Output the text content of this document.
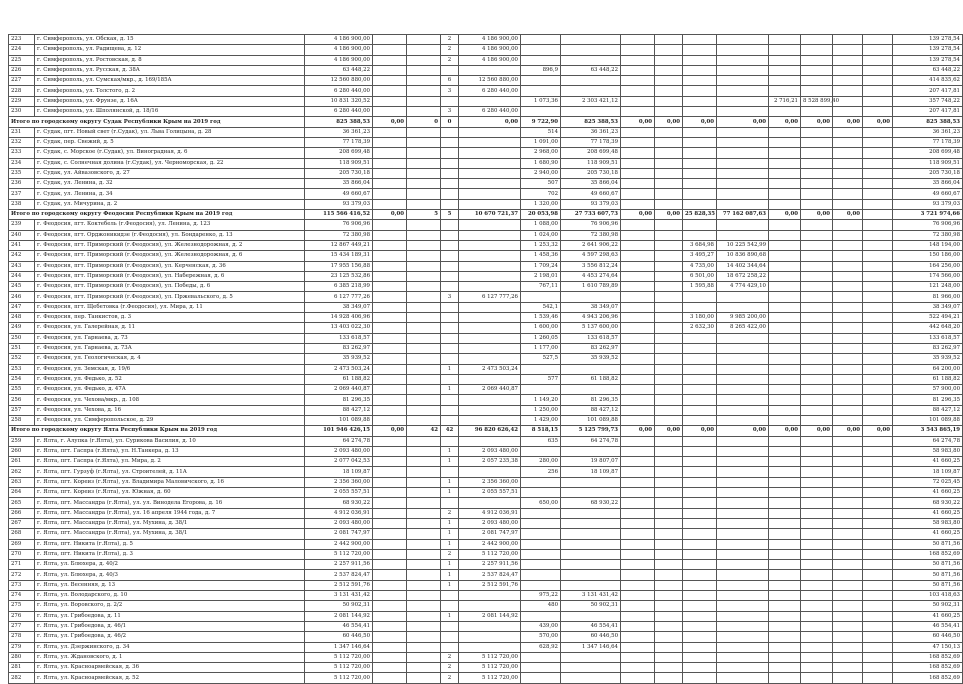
223	г. Симферополь, ул. Обская, д. 15	4 186 900,00			2	4 186 900,00											139 278,54
224	г. Симферополь, ул. Радищева, д. 12	4 186 900,00			2	4 186 900,00											139 278,54
225	г. Симферополь, ул. Ростовская, д. 8	4 186 900,00			2	4 186 900,00											139 278,54
226	г. Симферополь, ул. Русская, д. 38А	63 448,22					896,9	63 448,22									63 448,22
227	г. Симферополь, ул. Сумская/мкр., д. 169/185А	12 560 880,00			6	12 560 880,00											414 835,62
228	г. Симферополь, ул. Толстого, д. 2	6 280 440,00			3	6 280 440,00											207 417,81
229	г. Симферополь, ул. Фрунзе, д. 16А	10 831 320,52					1 073,36	2 303 421,12					2 716,21	8 528 899,40			357 748,22
230	г. Симферополь, ул. Шполянской, д. 18/16	6 280 440,00			3	6 280 440,00											207 417,81
Итого по городскому округу Судак Республики Крым на 2019 год		825 388,53	0,00	0	0	0,00	9 722,90	825 388,53	0,00	0,00	0,00	0,00	0,00	0,00	0,00	0,00	825 388,53
231	г. Судак, пгт. Новый свет (г.Судак), ул. Льва Голицына, д. 28	36 361,23					514	36 361,23									36 361,23
232	г. Судак, пер. Свежий, д. 5	77 178,39					1 091,00	77 178,39									77 178,39
233	г. Судак, с. Морское (г.Судак), ул. Виноградная, д. 6	208 699,48					2 968,00	208 699,48									208 699,48
234	г. Судак, с. Солнечная долина (г.Судак), ул. Черноморская, д. 22	118 909,51					1 680,90	118 909,51									118 909,51
235	г. Судак, ул. Айвазовского, д. 27	205 730,18					2 940,00	205 730,18									205 730,18
236	г. Судак, ул. Ленина, д. 32	35 866,04					507	35 866,04									35 866,04
237	г. Судак, ул. Ленина, д. 34	49 660,67					702	49 660,67									49 660,67
238	г. Судак, ул. Мичурина, д. 2	93 379,03					1 320,00	93 379,03									93 379,03
Итого по городскому округу Феодосия Республики Крым на 2019 год		115 566 416,52	0,00	5	5	10 670 721,37	20 053,98	27 733 607,73	0,00	0,00	25 828,35	77 162 087,63	0,00	0,00	0,00		3 721 974,66
239	г. Феодосия, пгт. Коктебель (г.Феодосия), ул. Ленина, д. 123	76 906,96					1 088,00	76 906,96									76 906,96
240	г. Феодосия, пгт. Орджоникидзе (г.Феодосия), ул. Бондаренко, д. 13	72 380,98					1 024,00	72 380,98									72 380,98
241	г. Феодосия, пгт. Приморский (г.Феодосия), ул. Железнодорожная, д. 2	12 867 449,21					1 253,32	2 641 906,22			3 684,98	10 225 542,99					148 194,00
242	г. Феодосия, пгт. Приморский (г.Феодосия), ул. Железнодорожная, д. 6	15 434 189,31					1 458,36	4 597 298,63			3 495,27	10 836 890,68					150 186,00
243	г. Феодосия, пгт. Приморский (г.Феодосия), ул. Керченская, д. 36	17 955 156,88					1 709,24	3 556 812,24			4 735,00	14 402 344,64					164 256,00
244	г. Феодосия, пгт. Приморский (г.Феодосия), ул. Набережная, д. 6	23 125 532,86					2 198,01	4 453 274,64			6 501,00	18 672 258,22					174 566,00
245	г. Феодосия, пгт. Приморский (г.Феодосия), ул. Победы, д. 6	6 385 218,99					767,11	1 610 789,89			1 595,88	4 774 429,10					121 248,00
246	г. Феодосия, пгт. Приморский (г.Феодосия), ул. Пржевальского, д. 5	6 127 777,26			3	6 127 777,26											81 966,00
247	г. Феодосия, пгт. Щебетовка (г.Феодосия), ул. Мира, д. 11	38 349,07					542,1	38 349,07									38 349,07
248	г. Феодосия, пер. Танкистов, д. 3	14 928 406,96					1 539,46	4 943 206,96			3 180,00	9 985 200,00					522 494,21
249	г. Феодосия, ул. Галерейная, д. 11	13 403 022,30					1 600,00	5 137 600,00			2 632,30	8 265 422,00					442 648,20
250	г. Феодосия, ул. Гарнаева, д. 73	133 618,57					1 260,05	133 618,57									133 618,57
251	г. Феодосия, ул. Гарнаева, д. 73А	83 262,97					1 177,00	83 262,97									83 262,97
252	г. Феодосия, ул. Геологическая, д. 4	35 939,52					527,5	35 939,52									35 939,52
253	г. Феодосия, ул. Земская, д. 19/6	2 473 503,24			1	2 473 503,24											64 200,00
254	г. Феодосия, ул. Федько, д. 52	61 188,82					577	61 188,82									61 188,82
255	г. Феодосия, ул. Федько, д. 47А	2 069 440,87			1	2 069 440,87											57 900,00
256	г. Феодосия, ул. Чехова/мкр., д. 108	81 296,35					1 149,20	81 296,35									81 296,35
257	г. Феодосия, ул. Чехова, д. 16	88 427,12					1 250,00	88 427,12									88 427,12
258	г. Феодосия, ул. Симферопольское, д. 29	101 089,88					1 429,00	101 089,88									101 089,88
Итого по городскому округу Ялта Республики Крым на 2019 год		101 946 426,15	0,00	42	42	96 820 626,42	8 518,15	5 125 799,73	0,00	0,00	0,00	0,00	0,00	0,00	0,00	0,00	3 543 865,19
259	г. Ялта, г. Алупка (г.Ялта), ул. Сурикова Василия, д. 10	64 274,78					635	64 274,78									64 274,78
260	г. Ялта, пгт. Гаспра (г.Ялта), ул. Н.Танкера, д. 13	2 093 480,00			1	2 093 480,00											58 983,80
261	г. Ялта, пгт. Гаспра (г.Ялта), ул. Мира, д. 2	2 077 042,53			1	2 057 235,38	280,00	19 807,07									41 660,25
262	г. Ялта, пгт. Гурзуф (г.Ялта), ул. Строителей, д. 11А	18 109,87					256	18 109,87									18 109,87
263	г. Ялта, пгт. Кореиз (г.Ялта), ул. Владимира Маловичского, д. 16	2 356 360,00			1	2 356 360,00											72 025,45
264	г. Ялта, пгт. Кореиз (г.Ялта), ул. Южная, д. 60	2 055 557,51			1	2 055 557,51											41 660,25
265	г. Ялта, пгт. Массандра (г.Ялта), ул. ул. Винодела Егорова, д. 16	68 930,22					650,00	68 930,22									68 930,22
266	г. Ялта, пгт. Массандра (г.Ялта), ул. 16 апреля 1944 года, д. 7	4 912 036,91			2	4 912 036,91											41 660,25
267	г. Ялта, пгт. Массандра (г.Ялта), ул. Мухина, д. 38/1	2 093 480,00			1	2 093 480,00											58 983,80
268	г. Ялта, пгт. Массандра (г.Ялта), ул. Мухина, д. 38/1	2 081 747,97			1	2 081 747,97											41 660,25
269	г. Ялта, пгт. Никита (г.Ялта), д. 5	2 442 900,00			1	2 442 900,00											50 871,56
270	г. Ялта, пгт. Никита (г.Ялта), д. 3	5 112 720,00			2	5 112 720,00											168 852,69
271	г. Ялта, ул. Блюхера, д. 40/2	2 257 911,56			1	2 257 911,56											50 871,56
272	г. Ялта, ул. Блюхера, д. 40/3	2 537 824,47			1	2 537 824,47											50 871,56
273	г. Ялта, ул. Весенняя, д. 13	2 512 591,76			1	2 512 591,76											50 871,56
274	г. Ялта, ул. Володарского, д. 10	3 131 431,42					975,22	3 131 431,42									103 418,63
275	г. Ялта, ул. Воровского, д. 2/2	50 902,31					480	50 902,31									50 902,31
276	г. Ялта, ул. Грибоедова, д. 11	2 081 144,92			1	2 081 144,92											41 660,25
277	г. Ялта, ул. Грибоедова, д. 46/1	46 554,41					439,00	46 554,41									46 554,41
278	г. Ялта, ул. Грибоедова, д. 46/2	60 446,50					570,00	60 446,50									60 446,50
279	г. Ялта, ул. Дзержинского, д. 34	1 347 146,64					628,92	1 347 146,64									47 150,13
280	г. Ялта, ул. Ждановского, д. 1	5 112 720,00			2	5 112 720,00											168 852,69
281	г. Ялта, ул. Красноармейская, д. 36	5 112 720,00			2	5 112 720,00											168 852,69
282	г. Ялта, ул. Красноармейская, д. 52	5 112 720,00			2	5 112 720,00											168 852,69
